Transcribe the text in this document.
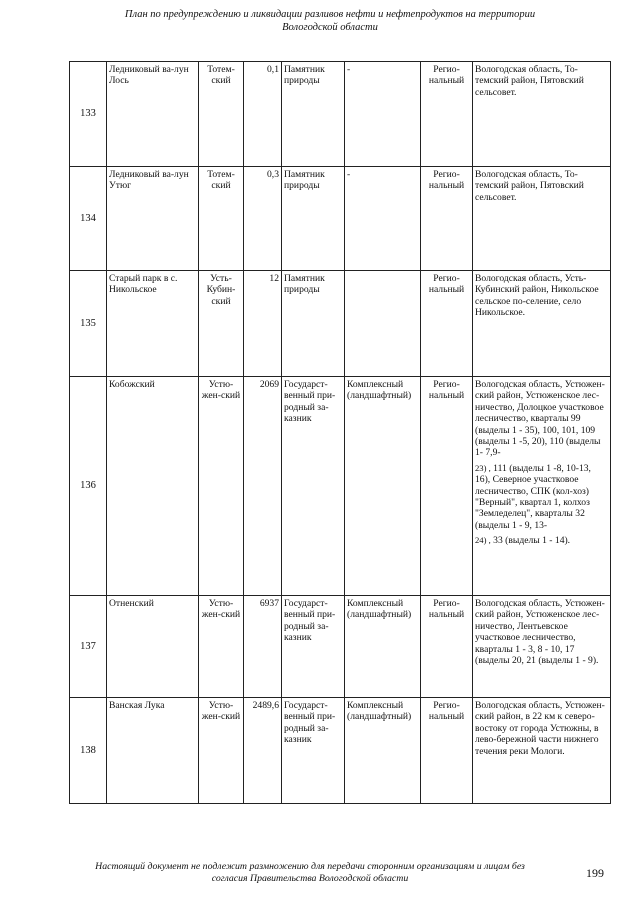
План по предупреждению и ликвидации разливов нефти и нефтепродуктов на территории
Вологодской области
133	Ледниковый ва-лун Лось	Тотем-ский	0,1	Памятник природы	-	Регио-нальный	Вологодская область, То-темский район, Пятовский сельсовет.
134	Ледниковый ва-лун Утюг	Тотем-ский	0,3	Памятник природы	-	Регио-нальный	Вологодская область, То-темский район, Пятовский сельсовет.
135	Старый парк в с. Никольское	Усть-Кубин-ский	12	Памятник природы		Регио-нальный	Вологодская область, Усть- Кубинский район, Никольское сельское по-селение, село Никольское.
136	Кобожский	Устю-жен-ский	2069	Государст-венный при-родный за-казник	Комплексный (ландшафтный)	Регио-нальный	Вологодская область, Устюжен- ский район, Устюженское лес-ничество, Долоцкое участковое лесничество, кварталы 99 (выделы 1 - 35), 100, 101, 109 (выделы 1 -5, 20), 110 (выделы 1- 7,9-
23) , 111 (выделы 1 -8, 10-13, 16), Северное участковое лесничество, СПК (кол-хоз) "Верный", квартал 1, колхоз "Земледелец", кварталы 32 (выделы 1 - 9, 13-
24) , 33 (выделы 1 - 14).

137	Отненский	Устю-жен-ский	6937	Государст-венный при-родный за-казник	Комплексный (ландшафтный)	Регио-нальный	Вологодская область, Устюжен- ский район, Устюженское лес-ничество, Лентьевское участковое лесничество, кварталы 1 - 3, 8 - 10, 17 (выделы 20, 21 (выделы 1 - 9).
138	Ванская Лука	Устю-жен-ский	2489,6	Государст-венный при-родный за-казник	Комплексный (ландшафтный)	Регио-нальный	Вологодская область, Устюжен- ский район, в 22 км к северо- востоку от города Устюжны, в лево-бережной части нижнего течения реки Мологи.
Настоящий документ не подлежит размножению для передачи сторонним организациям и лицам без
согласия Правительства Вологодской области	199
